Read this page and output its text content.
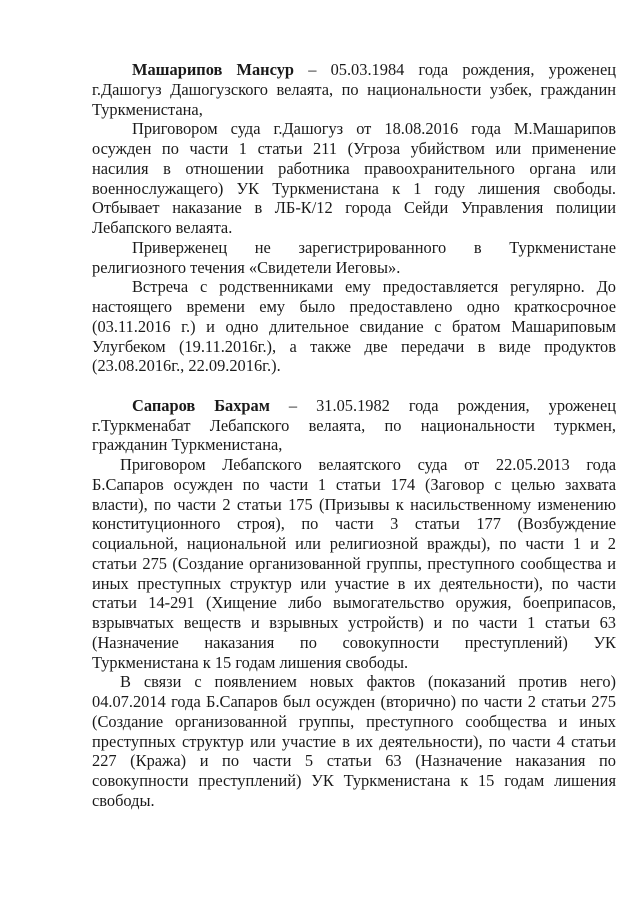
Машарипов Мансур – 05.03.1984 года рождения, уроженец г.Дашогуз Дашогузского велаята, по национальности узбек, гражданин Туркменистана,

Приговором суда г.Дашогуз от 18.08.2016 года М.Машарипов осужден по части 1 статьи 211 (Угроза убийством или применение насилия в отношении работника правоохранительного органа или военнослужащего) УК Туркменистана к 1 году лишения свободы. Отбывает наказание в ЛБ-К/12 города Сейди Управления полиции Лебапского велаята.

Приверженец не зарегистрированного в Туркменистане религиозного течения «Свидетели Иеговы».

Встреча с родственниками ему предоставляется регулярно. До настоящего времени ему было предоставлено одно краткосрочное (03.11.2016 г.) и одно длительное свидание с братом Машариповым Улугбеком (19.11.2016г.), а также две передачи в виде продуктов (23.08.2016г., 22.09.2016г.).

Сапаров Бахрам – 31.05.1982 года рождения, уроженец г.Туркменабат Лебапского велаята, по национальности туркмен, гражданин Туркменистана,

Приговором Лебапского велаятского суда от 22.05.2013 года Б.Сапаров осужден по части 1 статьи 174 (Заговор с целью захвата власти), по части 2 статьи 175 (Призывы к насильственному изменению конституционного строя), по части 3 статьи 177 (Возбуждение социальной, национальной или религиозной вражды), по части 1 и 2 статьи 275 (Создание организованной группы, преступного сообщества и иных преступных структур или участие в их деятельности), по части статьи 14-291 (Хищение либо вымогательство оружия, боеприпасов, взрывчатых веществ и взрывных устройств) и по части 1 статьи 63 (Назначение наказания по совокупности преступлений) УК Туркменистана к 15 годам лишения свободы.

В связи с появлением новых фактов (показаний против него) 04.07.2014 года Б.Сапаров был осужден (вторично) по части 2 статьи 275 (Создание организованной группы, преступного сообщества и иных преступных структур или участие в их деятельности), по части 4 статьи 227 (Кража) и по части 5 статьи 63 (Назначение наказания по совокупности преступлений) УК Туркменистана к 15 годам лишения свободы.
